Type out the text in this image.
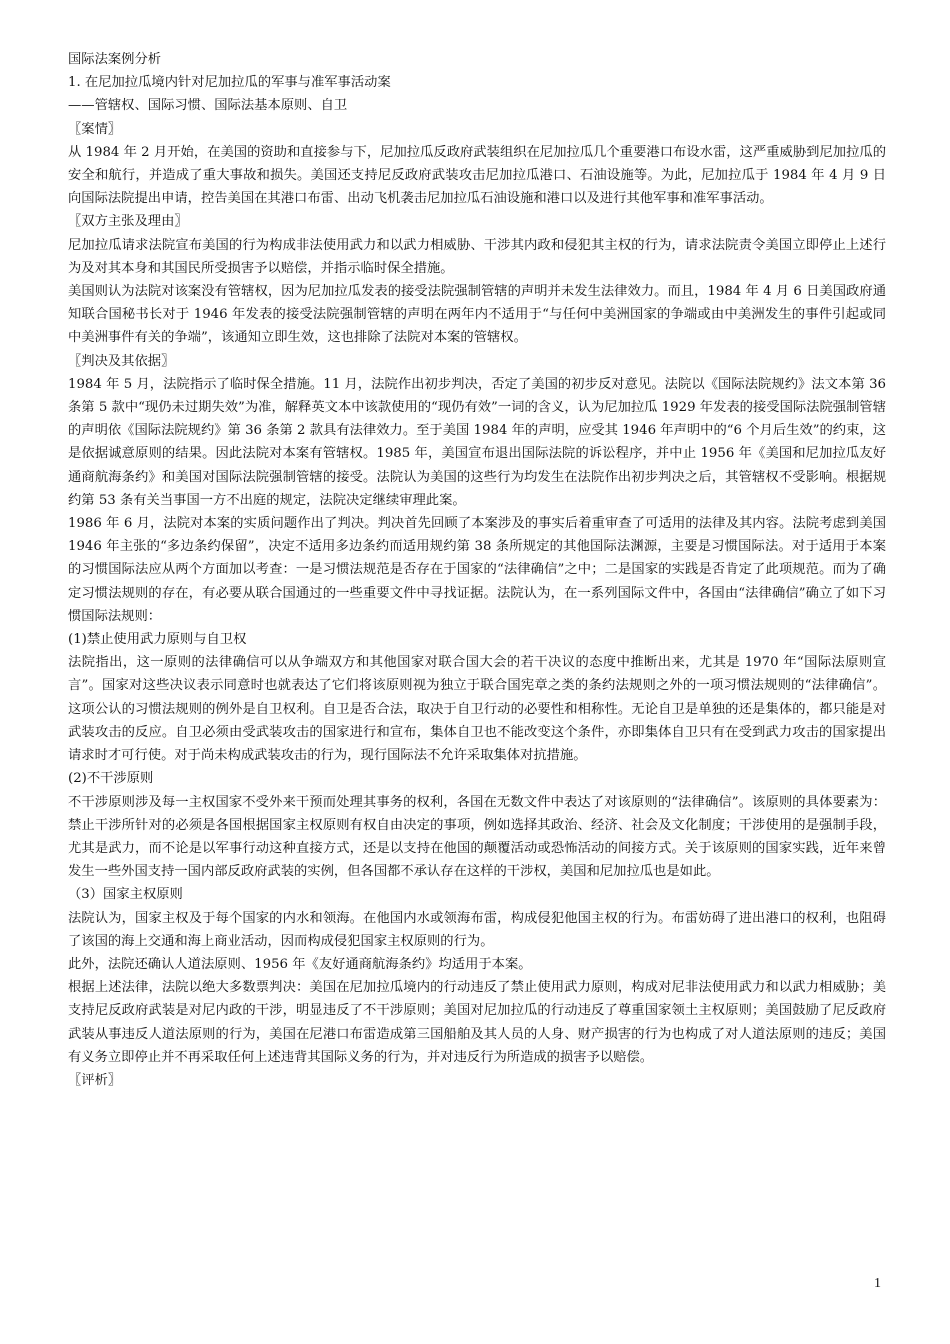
国际法案例分析

1. 在尼加拉瓜境内针对尼加拉瓜的军事与准军事活动案

——管辖权、国际习惯、国际法基本原则、自卫

〖案情〗

从 1984 年 2 月开始，在美国的资助和直接参与下，尼加拉瓜反政府武装组织在尼加拉瓜几个重要港口布设水雷，这严重威胁到尼加拉瓜的安全和航行，并造成了重大事故和损失。美国还支持尼反政府武装攻击尼加拉瓜港口、石油设施等。为此，尼加拉瓜于 1984 年 4 月 9 日向国际法院提出申请，控告美国在其港口布雷、出动飞机袭击尼加拉瓜石油设施和港口以及进行其他军事和准军事活动。

〖双方主张及理由〗

尼加拉瓜请求法院宣布美国的行为构成非法使用武力和以武力相威胁、干涉其内政和侵犯其主权的行为，请求法院责令美国立即停止上述行为及对其本身和其国民所受损害予以赔偿，并指示临时保全措施。

美国则认为法院对该案没有管辖权，因为尼加拉瓜发表的接受法院强制管辖的声明并未发生法律效力。而且，1984 年 4 月 6 日美国政府通知联合国秘书长对于 1946 年发表的接受法院强制管辖的声明在两年内不适用于“与任何中美洲国家的争端或由中美洲发生的事件引起或同中美洲事件有关的争端”，该通知立即生效，这也排除了法院对本案的管辖权。

〖判决及其依据〗

1984 年 5 月，法院指示了临时保全措施。11 月，法院作出初步判决，否定了美国的初步反对意见。法院以《国际法院规约》法文本第 36 条第 5 款中“现仍未过期失效”为准，解释英文本中该款使用的“现仍有效”一词的含义，认为尼加拉瓜 1929 年发表的接受国际法院强制管辖的声明依《国际法院规约》第 36 条第 2 款具有法律效力。至于美国 1984 年的声明，应受其 1946 年声明中的“6 个月后生效”的约束，这是依据诚意原则的结果。因此法院对本案有管辖权。1985 年，美国宣布退出国际法院的诉讼程序，并中止 1956 年《美国和尼加拉瓜友好通商航海条约》和美国对国际法院强制管辖的接受。法院认为美国的这些行为均发生在法院作出初步判决之后，其管辖权不受影响。根据规约第 53 条有关当事国一方不出庭的规定，法院决定继续审理此案。

1986 年 6 月，法院对本案的实质问题作出了判决。判决首先回顾了本案涉及的事实后着重审查了可适用的法律及其内容。法院考虑到美国 1946 年主张的“多边条约保留”，决定不适用多边条约而适用规约第 38 条所规定的其他国际法渊源，主要是习惯国际法。对于适用于本案的习惯国际法应从两个方面加以考查：一是习惯法规范是否存在于国家的“法律确信”之中；二是国家的实践是否肯定了此项规范。而为了确定习惯法规则的存在，有必要从联合国通过的一些重要文件中寻找证据。法院认为，在一系列国际文件中，各国由“法律确信”确立了如下习惯国际法规则：

(1)禁止使用武力原则与自卫权

法院指出，这一原则的法律确信可以从争端双方和其他国家对联合国大会的若干决议的态度中推断出来，尤其是 1970 年“国际法原则宣言”。国家对这些决议表示同意时也就表达了它们将该原则视为独立于联合国宪章之类的条约法规则之外的一项习惯法规则的“法律确信”。这项公认的习惯法规则的例外是自卫权利。自卫是否合法，取决于自卫行动的必要性和相称性。无论自卫是单独的还是集体的，都只能是对武装攻击的反应。自卫必须由受武装攻击的国家进行和宣布，集体自卫也不能改变这个条件，亦即集体自卫只有在受到武力攻击的国家提出请求时才可行使。对于尚未构成武装攻击的行为，现行国际法不允许采取集体对抗措施。

(2)不干涉原则

不干涉原则涉及每一主权国家不受外来干预而处理其事务的权利，各国在无数文件中表达了对该原则的“法律确信”。该原则的具体要素为：禁止干涉所针对的必须是各国根据国家主权原则有权自由决定的事项，例如选择其政治、经济、社会及文化制度；干涉使用的是强制手段，尤其是武力，而不论是以军事行动这种直接方式，还是以支持在他国的颠覆活动或恐怖活动的间接方式。关于该原则的国家实践，近年来曾发生一些外国支持一国内部反政府武装的实例，但各国都不承认存在这样的干涉权，美国和尼加拉瓜也是如此。

（3）国家主权原则

法院认为，国家主权及于每个国家的内水和领海。在他国内水或领海布雷，构成侵犯他国主权的行为。布雷妨碍了进出港口的权利，也阻碍了该国的海上交通和海上商业活动，因而构成侵犯国家主权原则的行为。

此外，法院还确认人道法原则、1956 年《友好通商航海条约》均适用于本案。

根据上述法律，法院以绝大多数票判决：美国在尼加拉瓜境内的行动违反了禁止使用武力原则，构成对尼非法使用武力和以武力相威胁；美支持尼反政府武装是对尼内政的干涉，明显违反了不干涉原则；美国对尼加拉瓜的行动违反了尊重国家领土主权原则；美国鼓励了尼反政府武装从事违反人道法原则的行为，美国在尼港口布雷造成第三国船舶及其人员的人身、财产损害的行为也构成了对人道法原则的违反；美国有义务立即停止并不再采取任何上述违背其国际义务的行为，并对违反行为所造成的损害予以赔偿。

〖评析〗

1
